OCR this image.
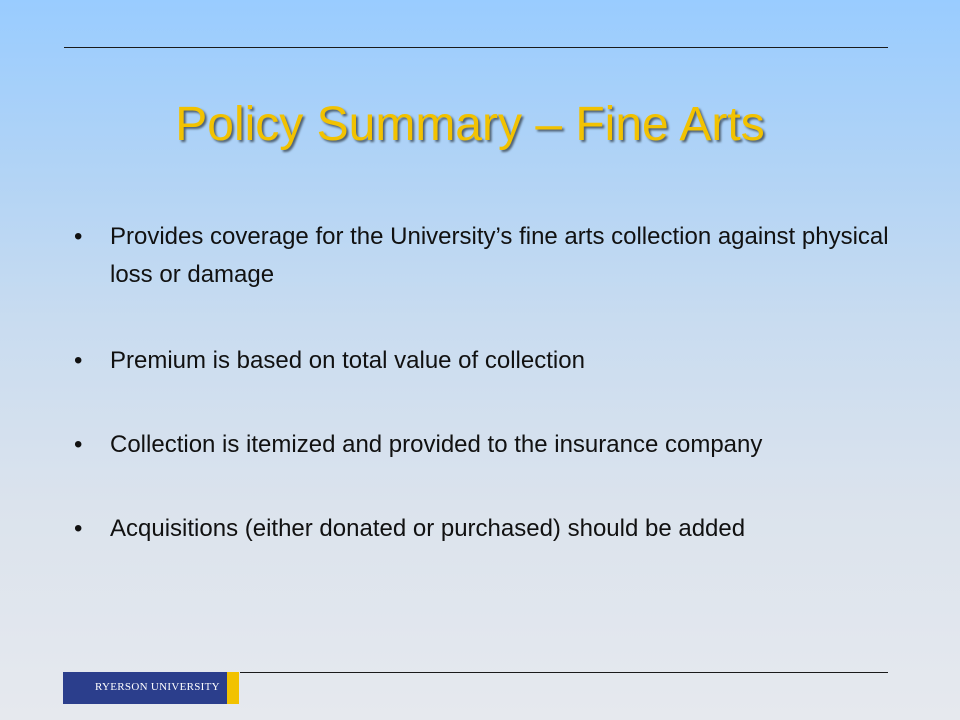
Policy Summary – Fine Arts
• Provides coverage for the University’s fine arts collection against physical loss or damage
• Premium is based on total value of collection
• Collection is itemized and provided to the insurance company
• Acquisitions (either donated or purchased) should be added
RYERSON UNIVERSITY
